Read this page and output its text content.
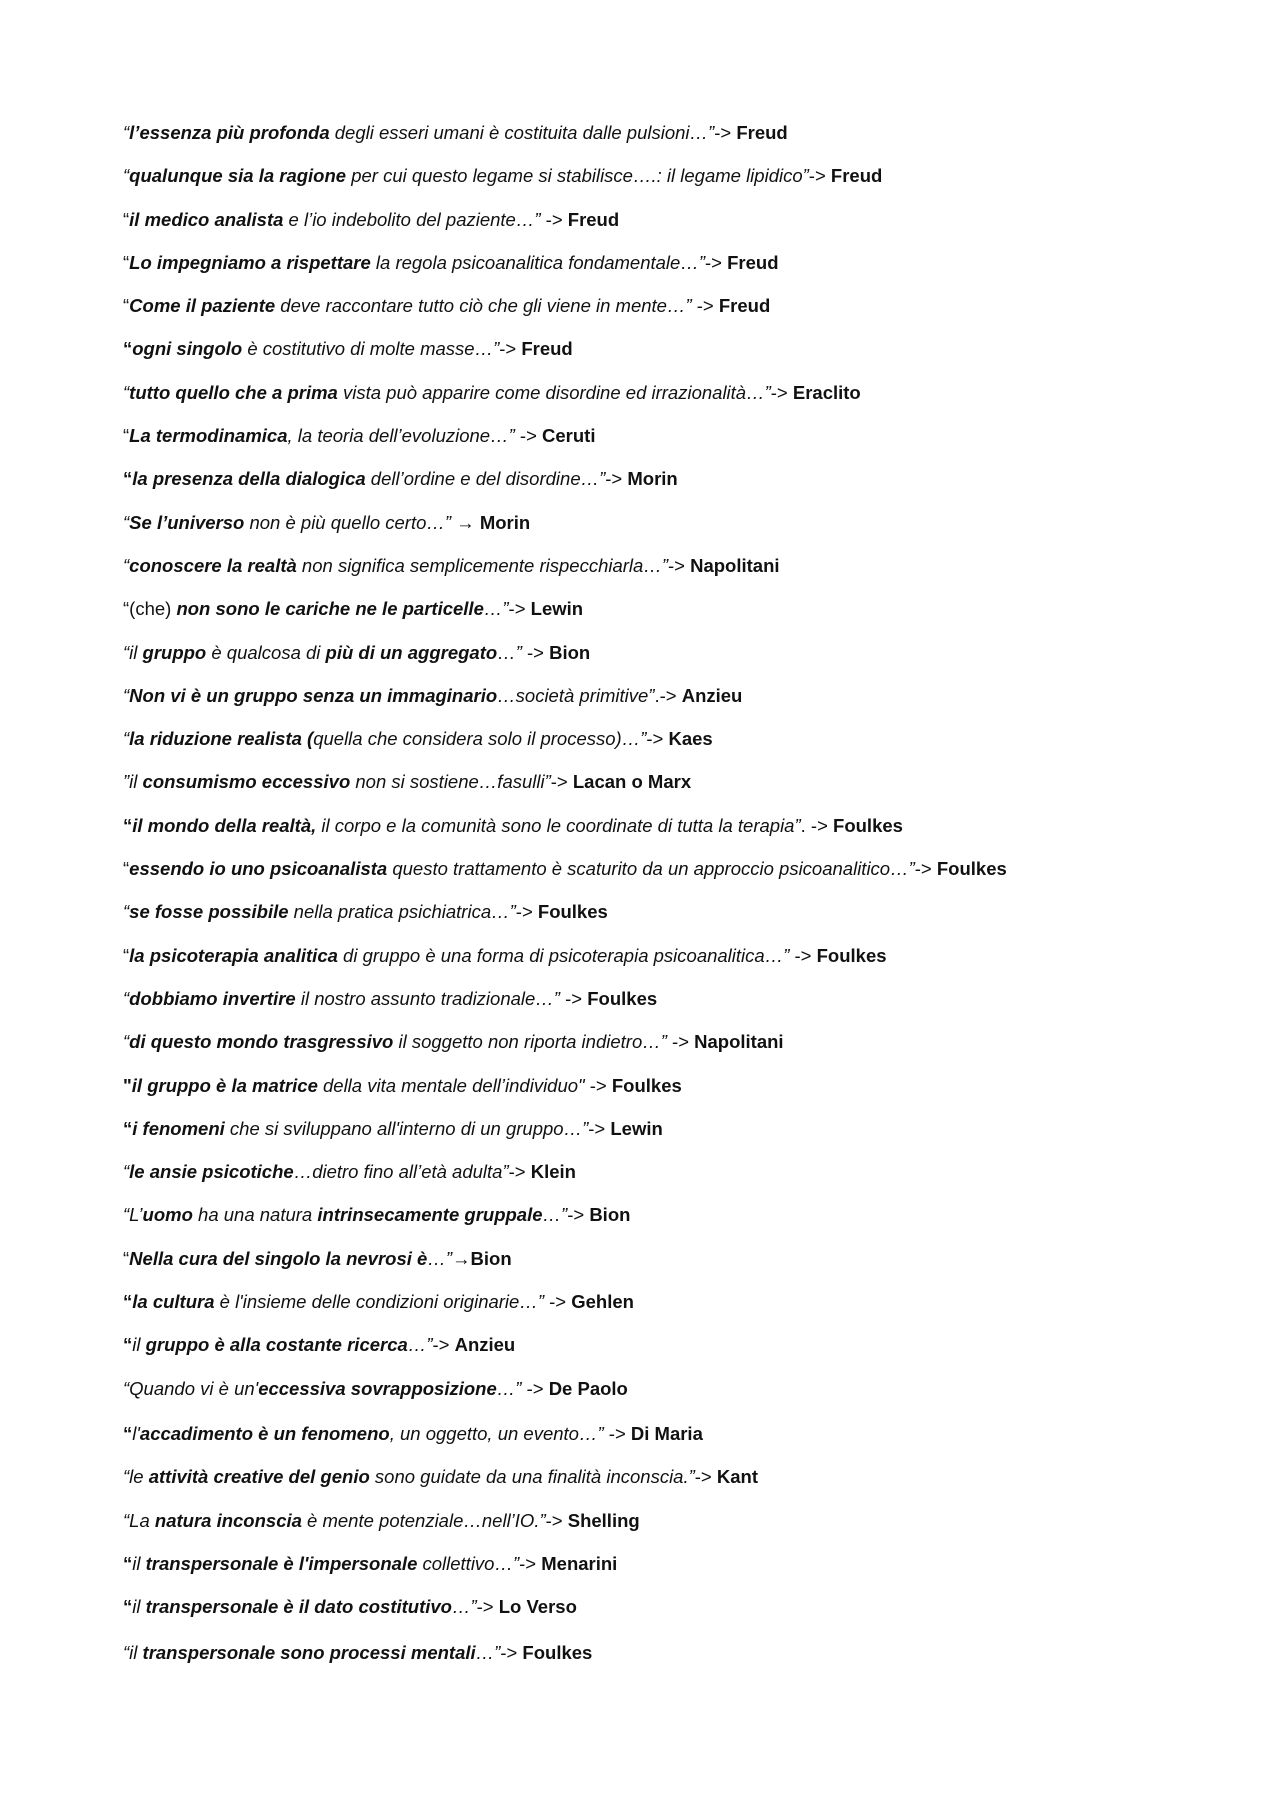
“l’essenza più profonda degli esseri umani è costituita dalle pulsioni…”-> Freud
“qualunque sia la ragione per cui questo legame si stabilisce….: il legame lipidico”-> Freud
“il medico analista e l’io indebolito del paziente…” -> Freud
“Lo impegniamo a rispettare la regola psicoanalitica fondamentale…”-> Freud
“Come il paziente deve raccontare tutto ciò che gli viene in mente…” -> Freud
“ogni singolo è costitutivo di molte masse…”-> Freud
“tutto quello che a prima vista può apparire come disordine ed irrazionalità…”-> Eraclito
“La termodinamica, la teoria dell’evoluzione…” -> Ceruti
“la presenza della dialogica dell’ordine e del disordine…”-> Morin
“Se l’universo non è più quello certo…” → Morin
“conoscere la realtà non significa semplicemente rispecchiarla…”-> Napolitani
“(che) non sono le cariche ne le particelle…”-> Lewin
“il gruppo è qualcosa di più di un aggregato…” -> Bion
“Non vi è un gruppo senza un immaginario…società primitive”.-> Anzieu
“la riduzione realista (quella che considera solo il processo)…”-> Kaes
”il consumismo eccessivo non si sostiene…fasulli”-> Lacan o Marx
“il mondo della realtà, il corpo e la comunità sono le coordinate di tutta la terapia”. -> Foulkes
“essendo io uno psicoanalista questo trattamento è scaturito da un approccio psicoanalitico…”-> Foulkes
“se fosse possibile nella pratica psichiatrica…”-> Foulkes
“la psicoterapia analitica di gruppo è una forma di psicoterapia psicoanalitica…” -> Foulkes
“dobbiamo invertire il nostro assunto tradizionale…” -> Foulkes
“di questo mondo trasgressivo il soggetto non riporta indietro…” -> Napolitani
"il gruppo è la matrice della vita mentale dell’individuo" -> Foulkes
“i fenomeni che si sviluppano all'interno di un gruppo…”-> Lewin
“le ansie psicotiche…dietro fino all’età adulta”-> Klein
“L’uomo ha una natura intrinsecamente gruppale…”-> Bion
“Nella cura del singolo la nevrosi è…”→Bion
“la cultura è l'insieme delle condizioni originarie…” -> Gehlen
“il gruppo è alla costante ricerca…”-> Anzieu
“Quando vi è un'eccessiva sovrapposizione…” -> De Paolo
“l'accadimento è un fenomeno, un oggetto, un evento…” -> Di Maria
“le attività creative del genio sono guidate da una finalità inconscia.”-> Kant
“La natura inconscia è mente potenziale…nell’IO.”-> Shelling
“il transpersonale è l'impersonale collettivo…”-> Menarini
“il transpersonale è il dato costitutivo…”-> Lo Verso
“il transpersonale sono processi mentali…”-> Foulkes
